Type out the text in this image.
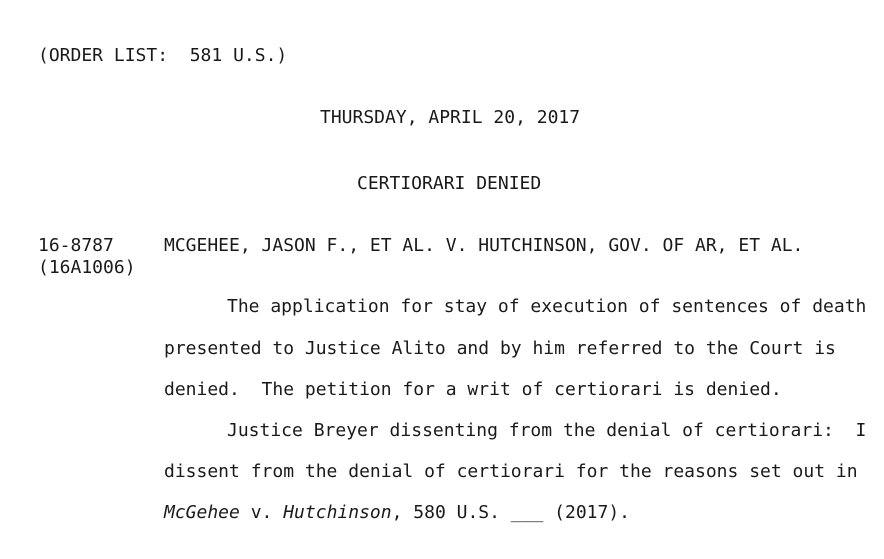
(ORDER LIST:  581 U.S.)
THURSDAY, APRIL 20, 2017
CERTIORARI DENIED
16-8787
(16A1006)
MCGEHEE, JASON F., ET AL. V. HUTCHINSON, GOV. OF AR, ET AL.
The application for stay of execution of sentences of death
presented to Justice Alito and by him referred to the Court is
denied.  The petition for a writ of certiorari is denied.
Justice Breyer dissenting from the denial of certiorari:  I
dissent from the denial of certiorari for the reasons set out in
McGehee v. Hutchinson, 580 U.S. ___ (2017).
